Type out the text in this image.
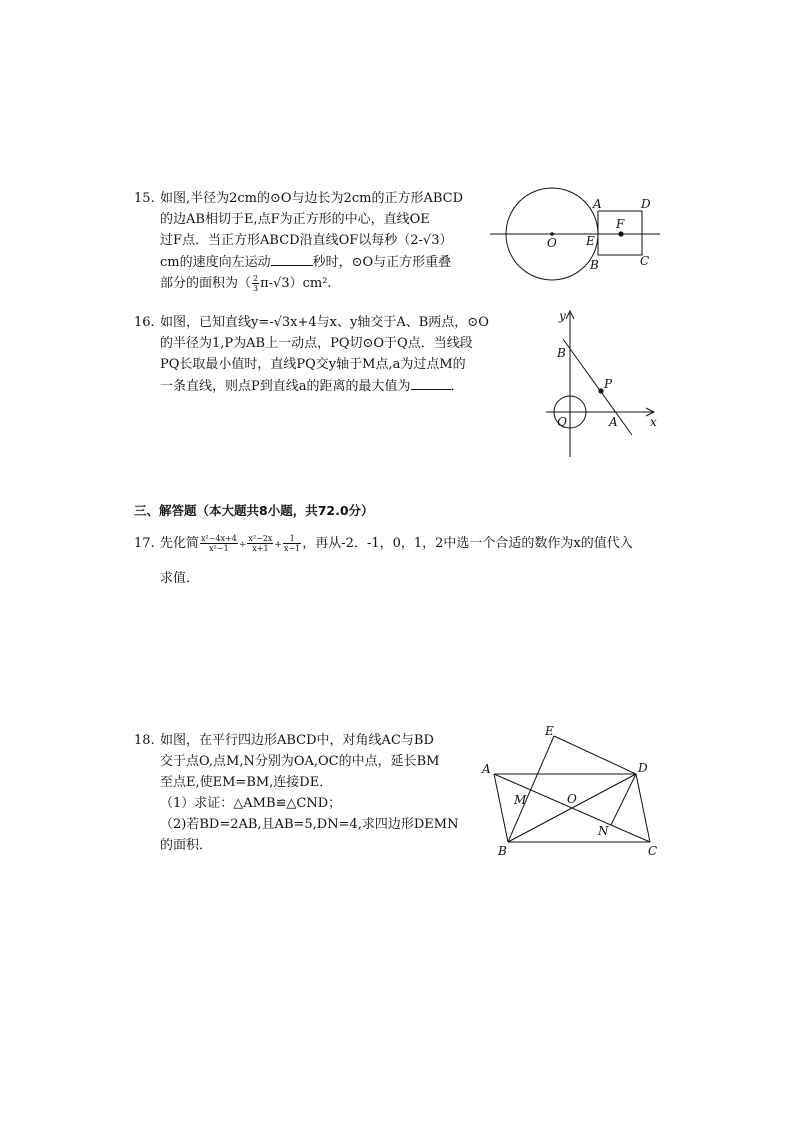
15. 如图,半径为2cm的⊙O与边长为2cm的正方形ABCD
的边AB相切于E,点F为正方形的中心，直线OE
过F点．当正方形ABCD沿直线OF以每秒（2-√3）
cm的速度向左运动	秒时，⊙O与正方形重叠
部分的面积为（ $\frac{2}{3} \pi-√3)cm^2$.
A	D
F
O E
B	C
16. 如图，已知直线y=-√3x+4与x、y轴交于A、B两点，⊙O
的半径为1,P为AB上一动点，PQ切⊙O于Q点．当线段
PQ长取最小值时，直线PQ交y轴于M点,a为过点M的
一条直线，则点P到直线a的距离的最大值为	．
y
B
P
Q	A	x
三、解答题（本大题共8小题，共72.0分）
17. 先化简 $\frac{\text{x²−4x+4}}{\text{x²−1}} \div \frac{\text{x²−2x}}{x+1} + \frac{1}{x-1}$ ，再从-2．-1，0，1，2中选一个合适的数作为x的值代入
求值．
18. 如图，在平行四边形ABCD中，对角线AC与BD
交于点O,点M,N分别为OA,OC的中点，延长BM
至点E,使EM=BM,连接DE．
（1）求证：△AMB≌△CND；
（2)若BD=2AB,且AB=5,DN=4,求四边形DEMN
的面积．
E
A	D
M	O
N
B	C
